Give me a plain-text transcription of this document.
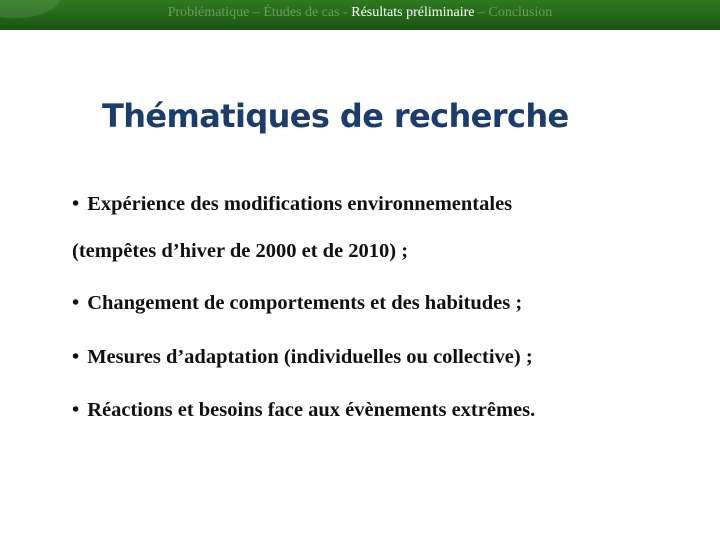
Problématique – Études de cas - Résultats préliminaire – Conclusion
Thématiques de recherche
• Expérience des modifications environnementales
(tempêtes d’hiver de 2000 et de 2010) ;
• Changement de comportements et des habitudes ;
• Mesures d’adaptation (individuelles ou collective) ;
• Réactions et besoins face aux évènements extrêmes.
